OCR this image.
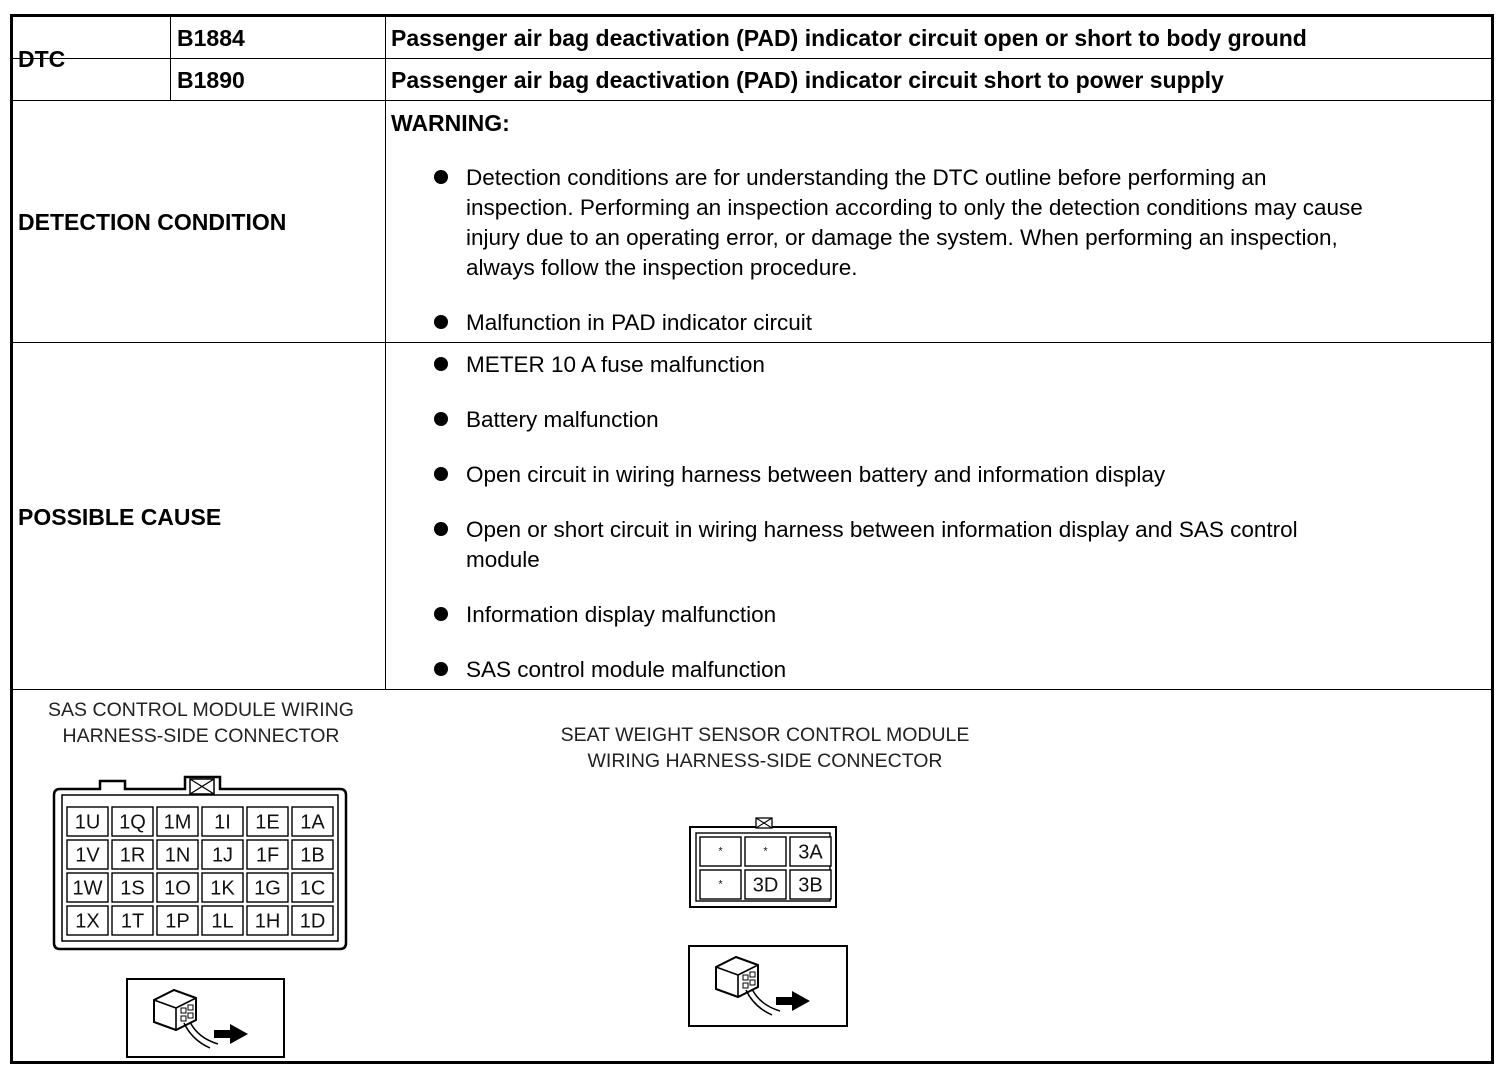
DTC
B1884	Passenger air bag deactivation (PAD) indicator circuit open or short to body ground
B1890	Passenger air bag deactivation (PAD) indicator circuit short to power supply
DETECTION CONDITION
WARNING:
Detection conditions are for understanding the DTC outline before performing an
inspection. Performing an inspection according to only the detection conditions may cause
injury due to an operating error, or damage the system. When performing an inspection,
always follow the inspection procedure.
Malfunction in PAD indicator circuit
POSSIBLE CAUSE
METER 10 A fuse malfunction
Battery malfunction
Open circuit in wiring harness between battery and information display
Open or short circuit in wiring harness between information display and SAS control
module
Information display malfunction
SAS control module malfunction
SAS CONTROL MODULE WIRING
HARNESS-SIDE CONNECTOR
1U 1Q 1M 1I 1E 1A
1V 1R 1N 1J 1F 1B
1W 1S 1O 1K 1G 1C
1X 1T 1P 1L 1H 1D
SEAT WEIGHT SENSOR CONTROL MODULE
WIRING HARNESS-SIDE CONNECTOR
*	* 3A
* 3D 3B
